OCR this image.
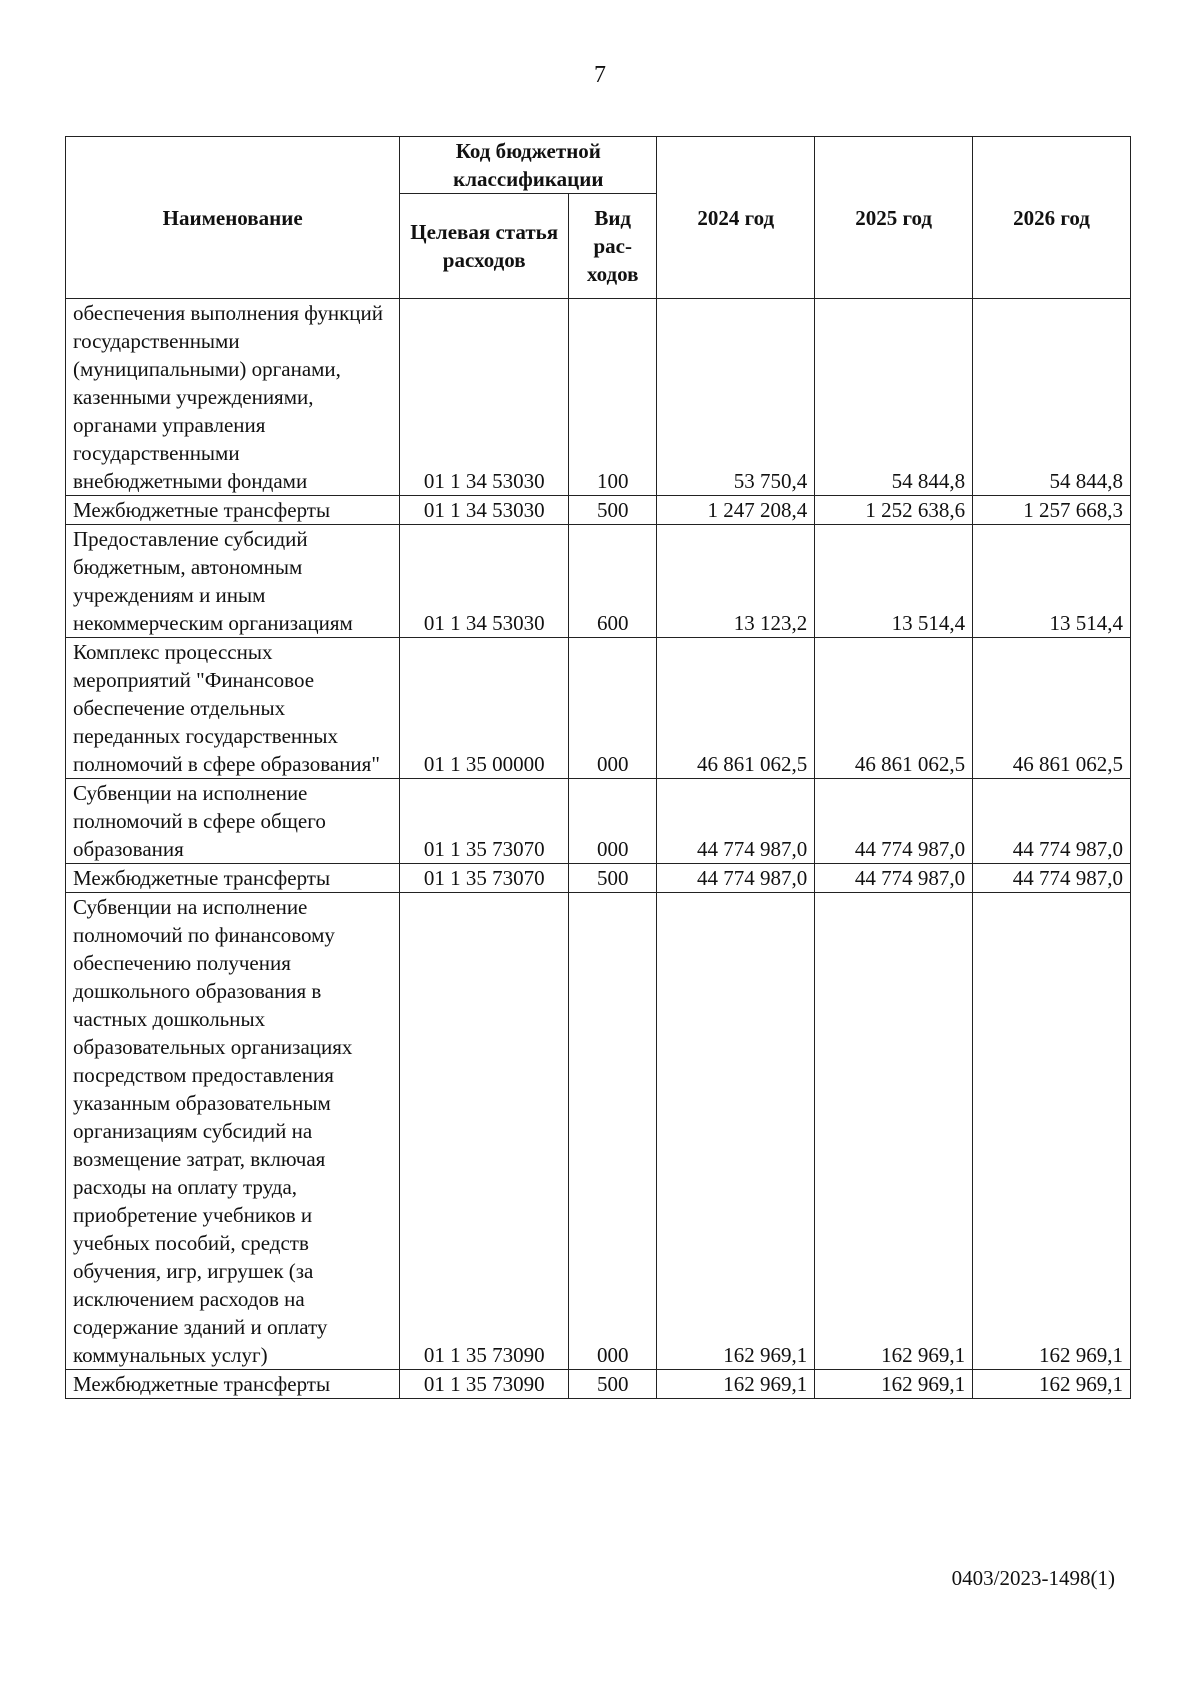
7
Наименование	Код бюджетной классификации		2024 год	2025 год	2026 год
	Целевая статья расходов	Вид рас-ходов			
обеспечения выполнения функций государственными (муниципальными) органами, казенными учреждениями, органами управления государственными внебюджетными фондами	01 1 34 53030	100	53 750,4	54 844,8	54 844,8
Межбюджетные трансферты	01 1 34 53030	500	1 247 208,4	1 252 638,6	1 257 668,3
Предоставление субсидий бюджетным, автономным учреждениям и иным некоммерческим организациям	01 1 34 53030	600	13 123,2	13 514,4	13 514,4
Комплекс процессных мероприятий "Финансовое обеспечение отдельных переданных государственных полномочий в сфере образования"	01 1 35 00000	000	46 861 062,5	46 861 062,5	46 861 062,5
Субвенции на исполнение полномочий в сфере общего образования	01 1 35 73070	000	44 774 987,0	44 774 987,0	44 774 987,0
Межбюджетные трансферты	01 1 35 73070	500	44 774 987,0	44 774 987,0	44 774 987,0
Субвенции на исполнение полномочий по финансовому обеспечению получения дошкольного образования в частных дошкольных образовательных организациях посредством предоставления указанным образовательным организациям субсидий на возмещение затрат, включая расходы на оплату труда, приобретение учебников и учебных пособий, средств обучения, игр, игрушек (за исключением расходов на содержание зданий и оплату коммунальных услуг)	01 1 35 73090	000	162 969,1	162 969,1	162 969,1
Межбюджетные трансферты	01 1 35 73090	500	162 969,1	162 969,1	162 969,1
0403/2023-1498(1)
